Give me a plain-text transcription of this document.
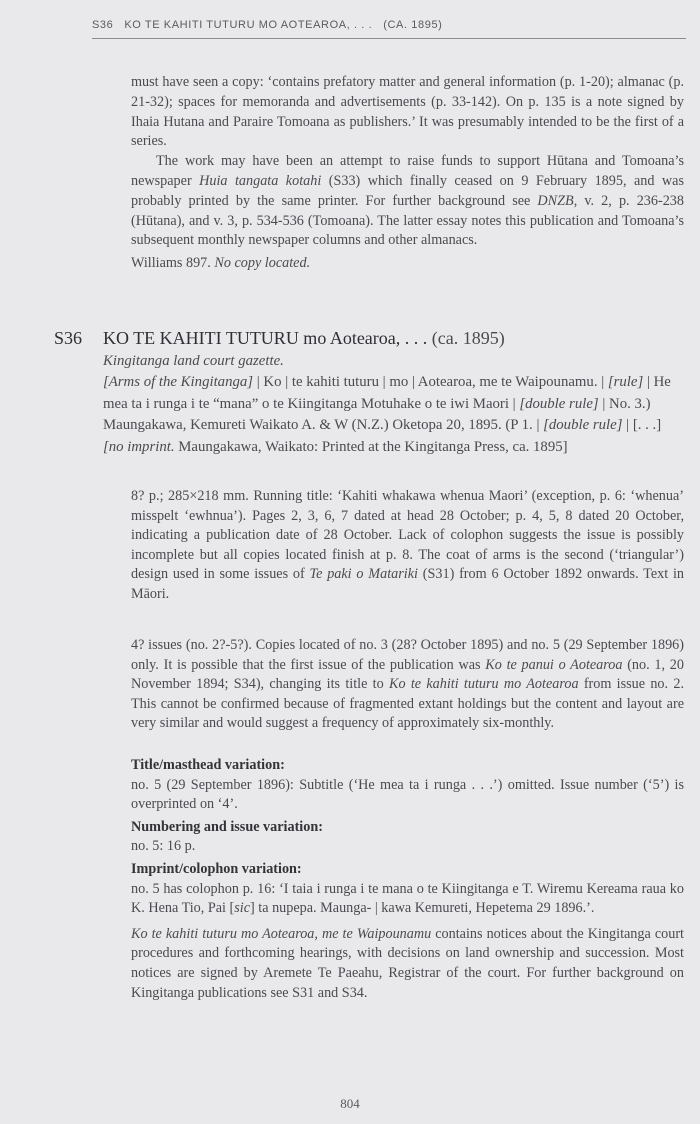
S36   KO TE KAHITI TUTURU MO AOTEAROA, . . .   (CA. 1895)

must have seen a copy: ‘contains prefatory matter and general information (p. 1-20); almanac (p. 21-32); spaces for memoranda and advertisements (p. 33-142). On p. 135 is a note signed by Ihaia Hutana and Paraire Tomoana as publishers.’ It was presumably intended to be the first of a series.

The work may have been an attempt to raise funds to support Hūtana and Tomoana’s newspaper Huia tangata kotahi (S33) which finally ceased on 9 February 1895, and was probably printed by the same printer. For further background see DNZB, v. 2, p. 236-238 (Hūtana), and v. 3, p. 534-536 (Tomoana). The latter essay notes this publication and Tomoana’s subsequent monthly newspaper columns and other almanacs.

Williams 897. No copy located.

S36 KO TE KAHITI TUTURU mo Aotearoa, . . . (ca. 1895)

Kingitanga land court gazette.

[Arms of the Kingitanga] | Ko | te kahiti tuturu | mo | Aotearoa, me te Waipounamu. | [rule] | He mea ta i runga i te “mana” o te Kiingitanga Motuhake o te iwi Maori | [double rule] | No. 3.) Maungakawa, Kemureti Waikato A. & W (N.Z.) Oketopa 20, 1895. (P 1. | [double rule] | [. . .]

[no imprint. Maungakawa, Waikato: Printed at the Kingitanga Press, ca. 1895]

8? p.; 285×218 mm. Running title: ‘Kahiti whakawa whenua Maori’ (exception, p. 6: ‘whenua’ misspelt ‘ewhnua’). Pages 2, 3, 6, 7 dated at head 28 October; p. 4, 5, 8 dated 20 October, indicating a publication date of 28 October. Lack of colophon suggests the issue is possibly incomplete but all copies located finish at p. 8. The coat of arms is the second (‘triangular’) design used in some issues of Te paki o Matariki (S31) from 6 October 1892 onwards. Text in Māori.

4? issues (no. 2?-5?). Copies located of no. 3 (28? October 1895) and no. 5 (29 September 1896) only. It is possible that the first issue of the publication was Ko te panui o Aotearoa (no. 1, 20 November 1894; S34), changing its title to Ko te kahiti tuturu mo Aotearoa from issue no. 2. This cannot be confirmed because of fragmented extant holdings but the content and layout are very similar and would suggest a frequency of approximately six-monthly.

Title/masthead variation:

no. 5 (29 September 1896): Subtitle (‘He mea ta i runga . . .’) omitted. Issue number (‘5’) is overprinted on ‘4’.

Numbering and issue variation:

no. 5: 16 p.

Imprint/colophon variation:

no. 5 has colophon p. 16: ‘I taia i runga i te mana o te Kiingitanga e T. Wiremu Kereama raua ko K. Hena Tio, Pai [sic] ta nupepa. Maunga- | kawa Kemureti, Hepetema 29 1896.’.

Ko te kahiti tuturu mo Aotearoa, me te Waipounamu contains notices about the Kingitanga court procedures and forthcoming hearings, with decisions on land ownership and succession. Most notices are signed by Aremete Te Paeahu, Registrar of the court. For further background on Kingitanga publications see S31 and S34.

804
